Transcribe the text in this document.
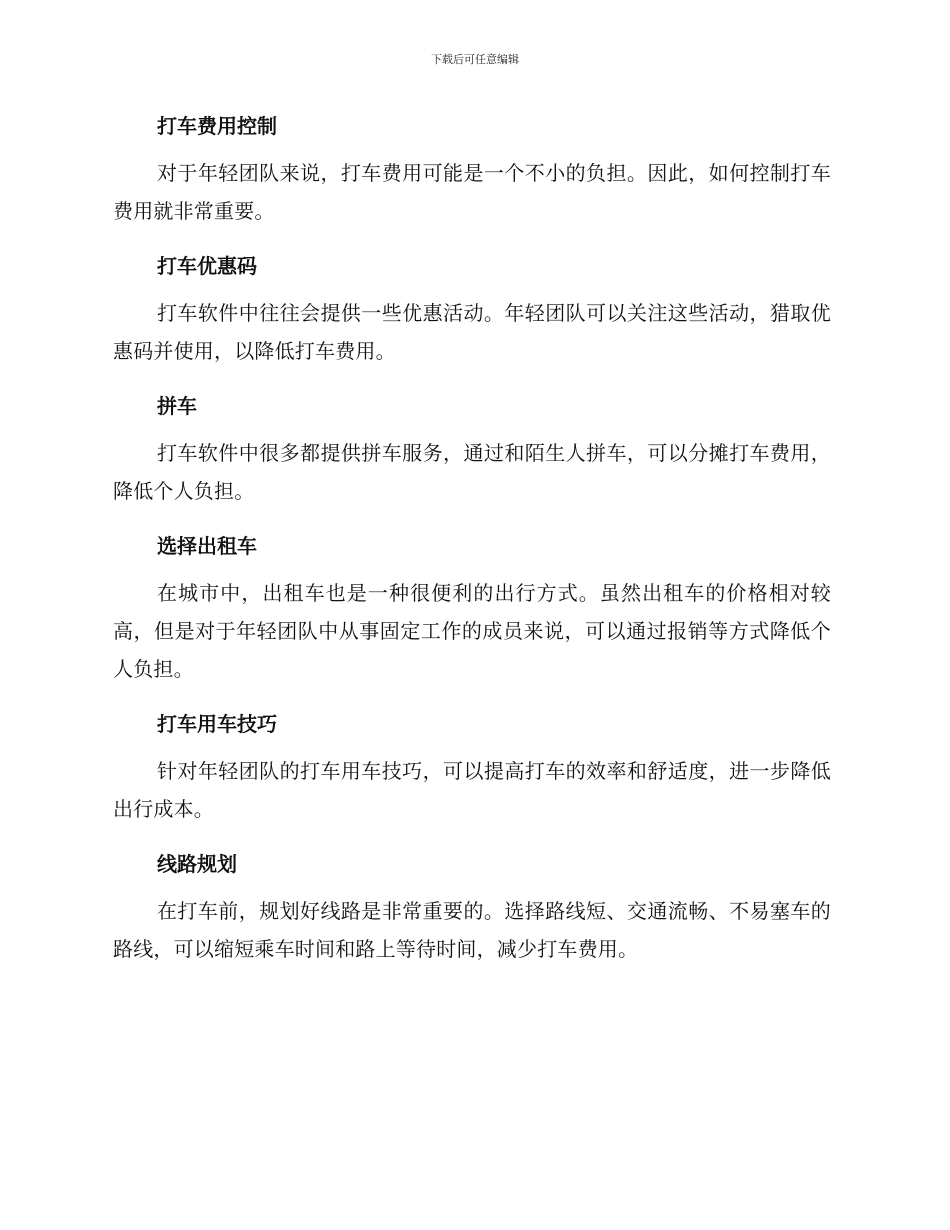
下载后可任意编辑
打车费用控制

对于年轻团队来说，打车费用可能是一个不小的负担。因此，如何控制打车费用就非常重要。

打车优惠码

打车软件中往往会提供一些优惠活动。年轻团队可以关注这些活动，猎取优惠码并使用，以降低打车费用。

拼车

打车软件中很多都提供拼车服务，通过和陌生人拼车，可以分摊打车费用，降低个人负担。

选择出租车

在城市中，出租车也是一种很便利的出行方式。虽然出租车的价格相对较高，但是对于年轻团队中从事固定工作的成员来说，可以通过报销等方式降低个人负担。

打车用车技巧

针对年轻团队的打车用车技巧，可以提高打车的效率和舒适度，进一步降低出行成本。

线路规划

在打车前，规划好线路是非常重要的。选择路线短、交通流畅、不易塞车的路线，可以缩短乘车时间和路上等待时间，减少打车费用。
